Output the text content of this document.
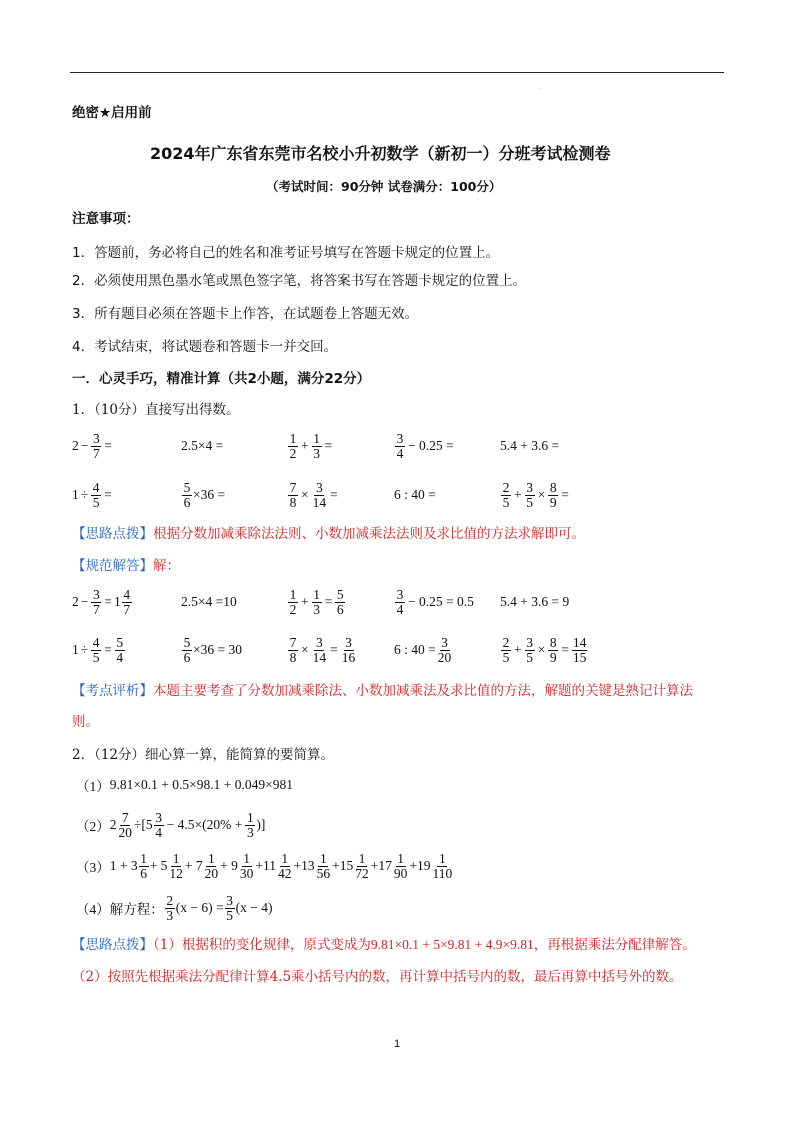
·
绝密★启用前
2024年广东省东莞市名校小升初数学（新初一）分班考试检测卷
（考试时间：90分钟 试卷满分：100分）
注意事项：
1．答题前，务必将自己的姓名和准考证号填写在答题卡规定的位置上。
2．必须使用黑色墨水笔或黑色签字笔，将答案书写在答题卡规定的位置上。
3．所有题目必须在答题卡上作答，在试题卷上答题无效。
4．考试结束，将试题卷和答题卡一并交回。
一．心灵手巧，精准计算（共2小题，满分22分）
1．（10分）直接写出得数。
$2 - \frac{3}{7}$ =	2.5×4 =	$\frac{1}{2} + \frac{1}{3}$ =	$\frac{3}{4} - 0.25$ =	5.4 + 3.6 =
$1 \div \frac{4}{5}$ =	$\frac{5}{6} \times 36$ =	$\frac{7}{8} \times \frac{3}{14}$ =	6 : 40 =	$\frac{2}{5} + \frac{3}{5} \times \frac{8}{9}$ =
【思路点拨】根据分数加减乘除法法则、小数加减乘法法则及求比值的方法求解即可。
【规范解答】解：
$2 - \frac{3}{7} = 1 \frac{4}{7}$	2.5×4 =10	$\frac{1}{2} + \frac{1}{3} = \frac{5}{6}$	$\frac{3}{4} - 0.25 = 0.5$ 5.4 + 3.6 = 9
$1 \div \frac{4}{5} = \frac{5}{4}$	$\frac{5}{6} \times 36 = 30$	$\frac{7}{8} \times \frac{3}{14} = \frac{3}{16}$	6 : $40 = \frac{3}{20}$	$\frac{2}{5} + \frac{3}{5} \times \frac{8}{9} = \frac{14}{15}$
【考点评析】本题主要考查了分数加减乘除法、小数加减乘法及求比值的方法，解题的关键是熟记计算法
则。
2．（12分）细心算一算，能简算的要简算。
（1） 9.81×0.1 + 0.5×98.1 + 0.049×981
（2） $2 \frac{7}{20} \div[5 \frac{3}{4} - 4.5\times(20\% + \frac{1}{3}$ )]
（3） $1 + 3 \frac{1}{6} + 5 \frac{1}{12} + 7 \frac{1}{20} + 9 \frac{1}{30} +11 \frac{1}{42} +13 \frac{1}{56} +15 \frac{1}{72} +17 \frac{1}{90} +19 \frac{1}{110}$
（4）解方程： $\frac{2}{3} (x - 6) = \frac{3}{5} (x - 4)$
【思路点拨】（1）根据积的变化规律，原式变成为9.81×0.1 + 5×9.81 + 4.9×9.81，再根据乘法分配律解答。
（2）按照先根据乘法分配律计算4.5乘小括号内的数，再计算中括号内的数，最后再算中括号外的数。
1
